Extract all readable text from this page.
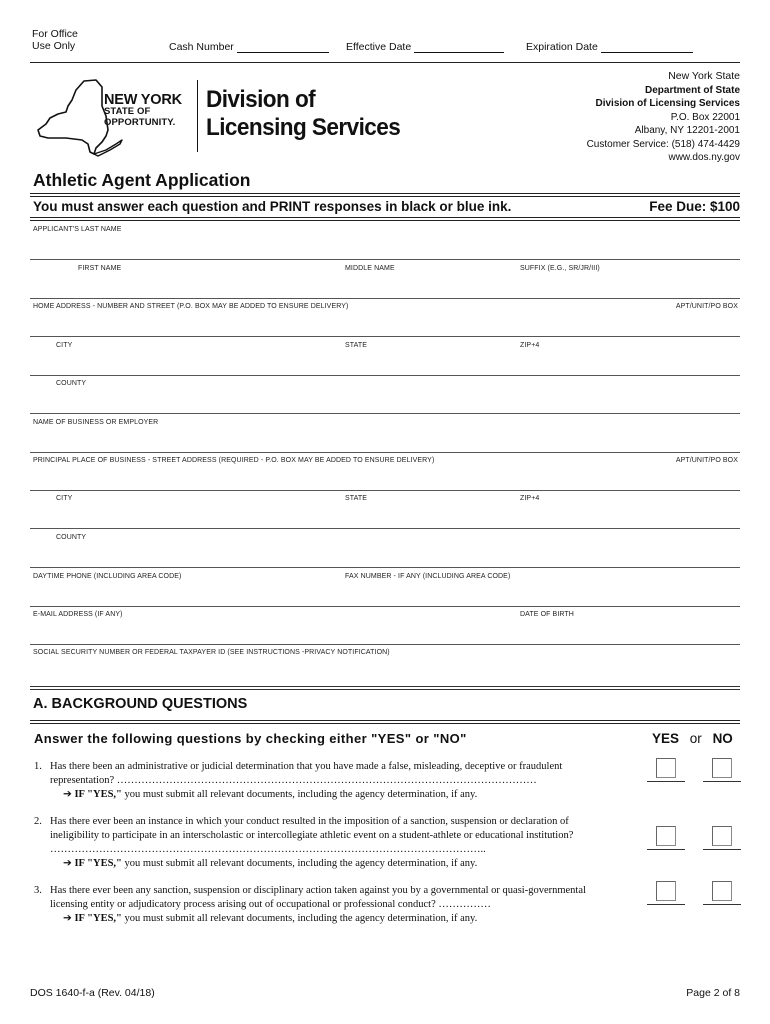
For Office
Use Only	Cash Number	Effective Date	Expiration Date
NEW YORK
STATE OF
OPPORTUNITY.
Division of
Licensing Services
New York State
Department of State
Division of Licensing Services
P.O. Box 22001
Albany, NY 12201-2001
Customer Service: (518) 474-4429
www.dos.ny.gov
Athletic Agent Application
You must answer each question and PRINT responses in black or blue ink.	Fee Due: $100
APPLICANT'S LAST NAME
FIRST NAME	MIDDLE NAME	SUFFIX (E.G., SR/JR/III)
HOME ADDRESS - NUMBER AND STREET (P.O. BOX MAY BE ADDED TO ENSURE DELIVERY)	APT/UNIT/PO BOX
CITY	STATE	ZIP+4
COUNTY
NAME OF BUSINESS OR EMPLOYER
PRINCIPAL PLACE OF BUSINESS - STREET ADDRESS (REQUIRED - P.O. BOX MAY BE ADDED TO ENSURE DELIVERY)	APT/UNIT/PO BOX
CITY	STATE	ZIP+4
COUNTY
DAYTIME PHONE (INCLUDING AREA CODE)	FAX NUMBER - IF ANY (INCLUDING AREA CODE)
E-MAIL ADDRESS (IF ANY)	DATE OF BIRTH
SOCIAL SECURITY NUMBER OR FEDERAL TAXPAYER ID (SEE INSTRUCTIONS -PRIVACY NOTIFICATION)
A. BACKGROUND QUESTIONS
Answer the following questions by checking either "YES" or "NO"	YES or NO
1. Has there been an administrative or judicial determination that you have made a false, misleading, deceptive or fraudulent representation? …………………………………………………………………………………………………………
➔ IF "YES," you must submit all relevant documents, including the agency determination, if any.
2. Has there ever been an instance in which your conduct resulted in the imposition of a sanction, suspension or declaration of ineligibility to participate in an interscholastic or intercollegiate athletic event on a student-athlete or educational institution? ……………………………………………………………………………………………………………..
➔ IF "YES," you must submit all relevant documents, including the agency determination, if any.
3. Has there ever been any sanction, suspension or disciplinary action taken against you by a governmental or quasi-governmental licensing entity or adjudicatory process arising out of occupational or professional conduct? ……………
➔ IF "YES," you must submit all relevant documents, including the agency determination, if any.
DOS 1640-f-a (Rev. 04/18)	Page 2 of 8
